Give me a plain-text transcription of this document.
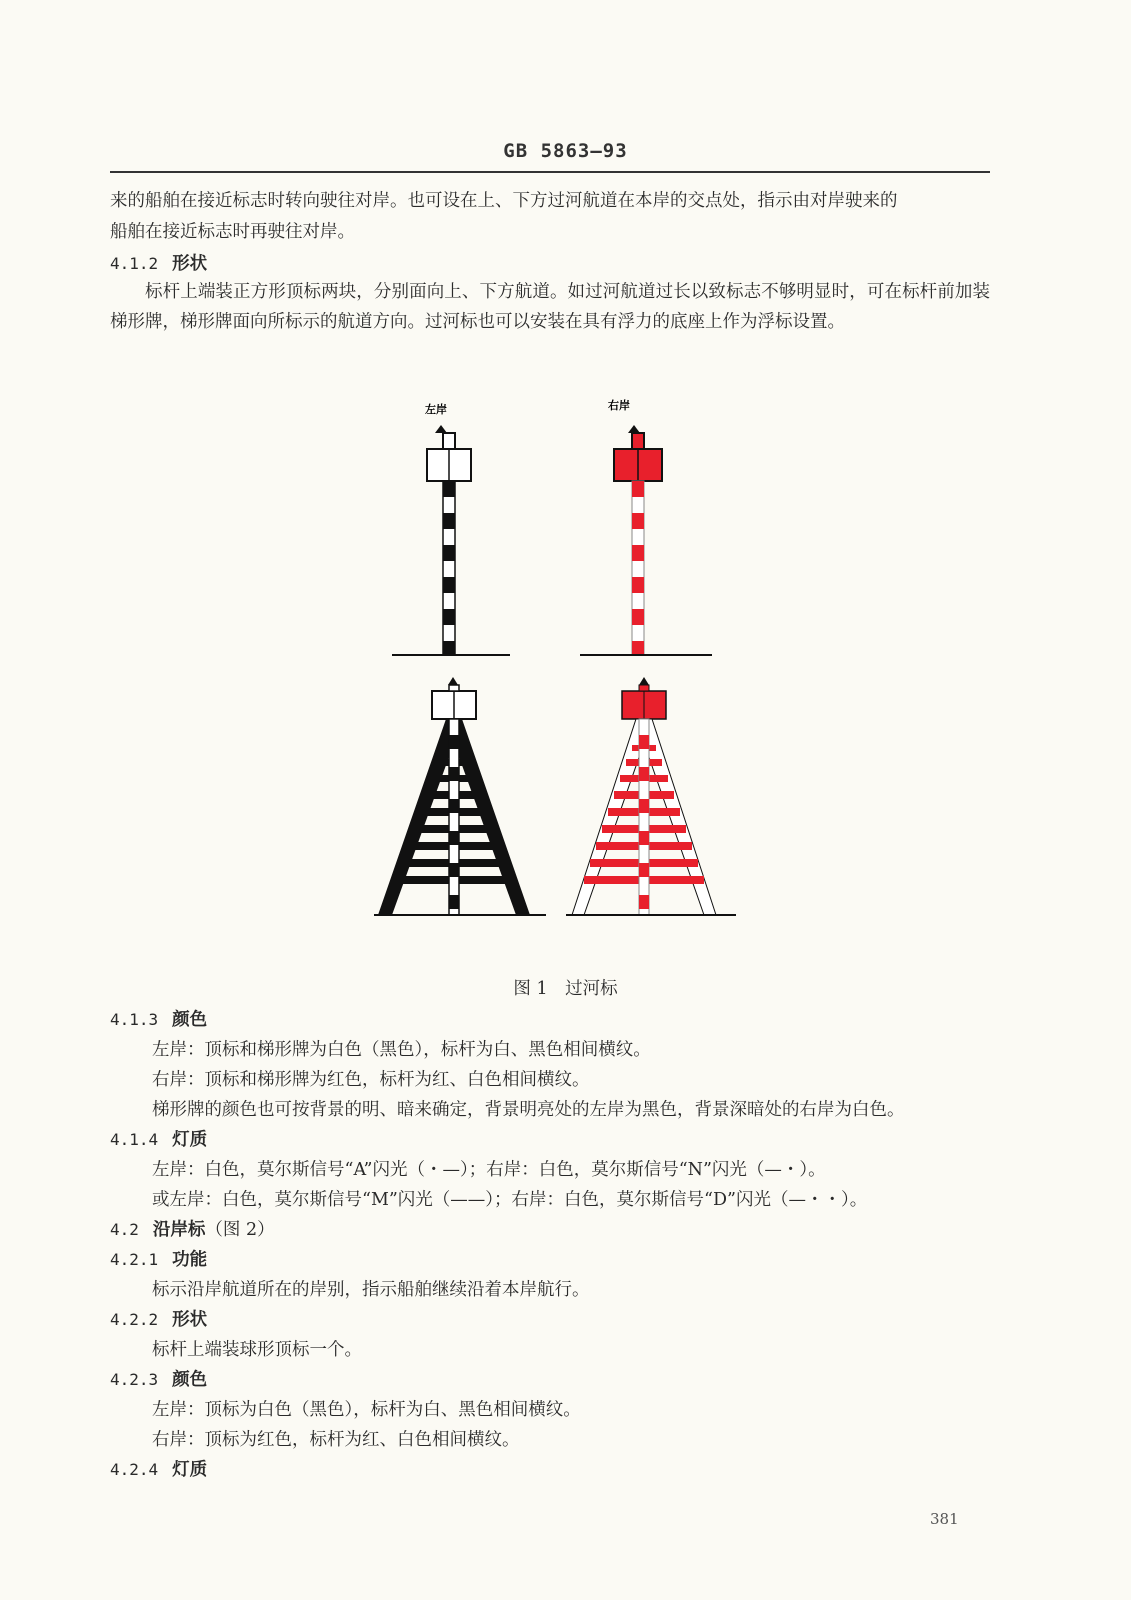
GB 5863—93
来的船舶在接近标志时转向驶往对岸。也可设在上、下方过河航道在本岸的交点处，指示由对岸驶来的
船舶在接近标志时再驶往对岸。
4.1.2 形状
标杆上端装正方形顶标两块，分别面向上、下方航道。如过河航道过长以致标志不够明显时，可在标杆前加装梯形牌，梯形牌面向所标示的航道方向。过河标也可以安装在具有浮力的底座上作为浮标设置。
左岸	右岸
图 1　过河标
4.1.3 颜色
左岸：顶标和梯形牌为白色（黑色），标杆为白、黑色相间横纹。
右岸：顶标和梯形牌为红色，标杆为红、白色相间横纹。
梯形牌的颜色也可按背景的明、暗来确定，背景明亮处的左岸为黑色，背景深暗处的右岸为白色。
4.1.4 灯质
左岸：白色，莫尔斯信号“A”闪光（・—）；右岸：白色，莫尔斯信号“N”闪光（—・）。
或左岸：白色，莫尔斯信号“M”闪光（——）；右岸：白色，莫尔斯信号“D”闪光（—・・）。
4.2 沿岸标（图 2）
4.2.1 功能
标示沿岸航道所在的岸别，指示船舶继续沿着本岸航行。
4.2.2 形状
标杆上端装球形顶标一个。
4.2.3 颜色
左岸：顶标为白色（黑色），标杆为白、黑色相间横纹。
右岸：顶标为红色，标杆为红、白色相间横纹。
4.2.4 灯质
381
